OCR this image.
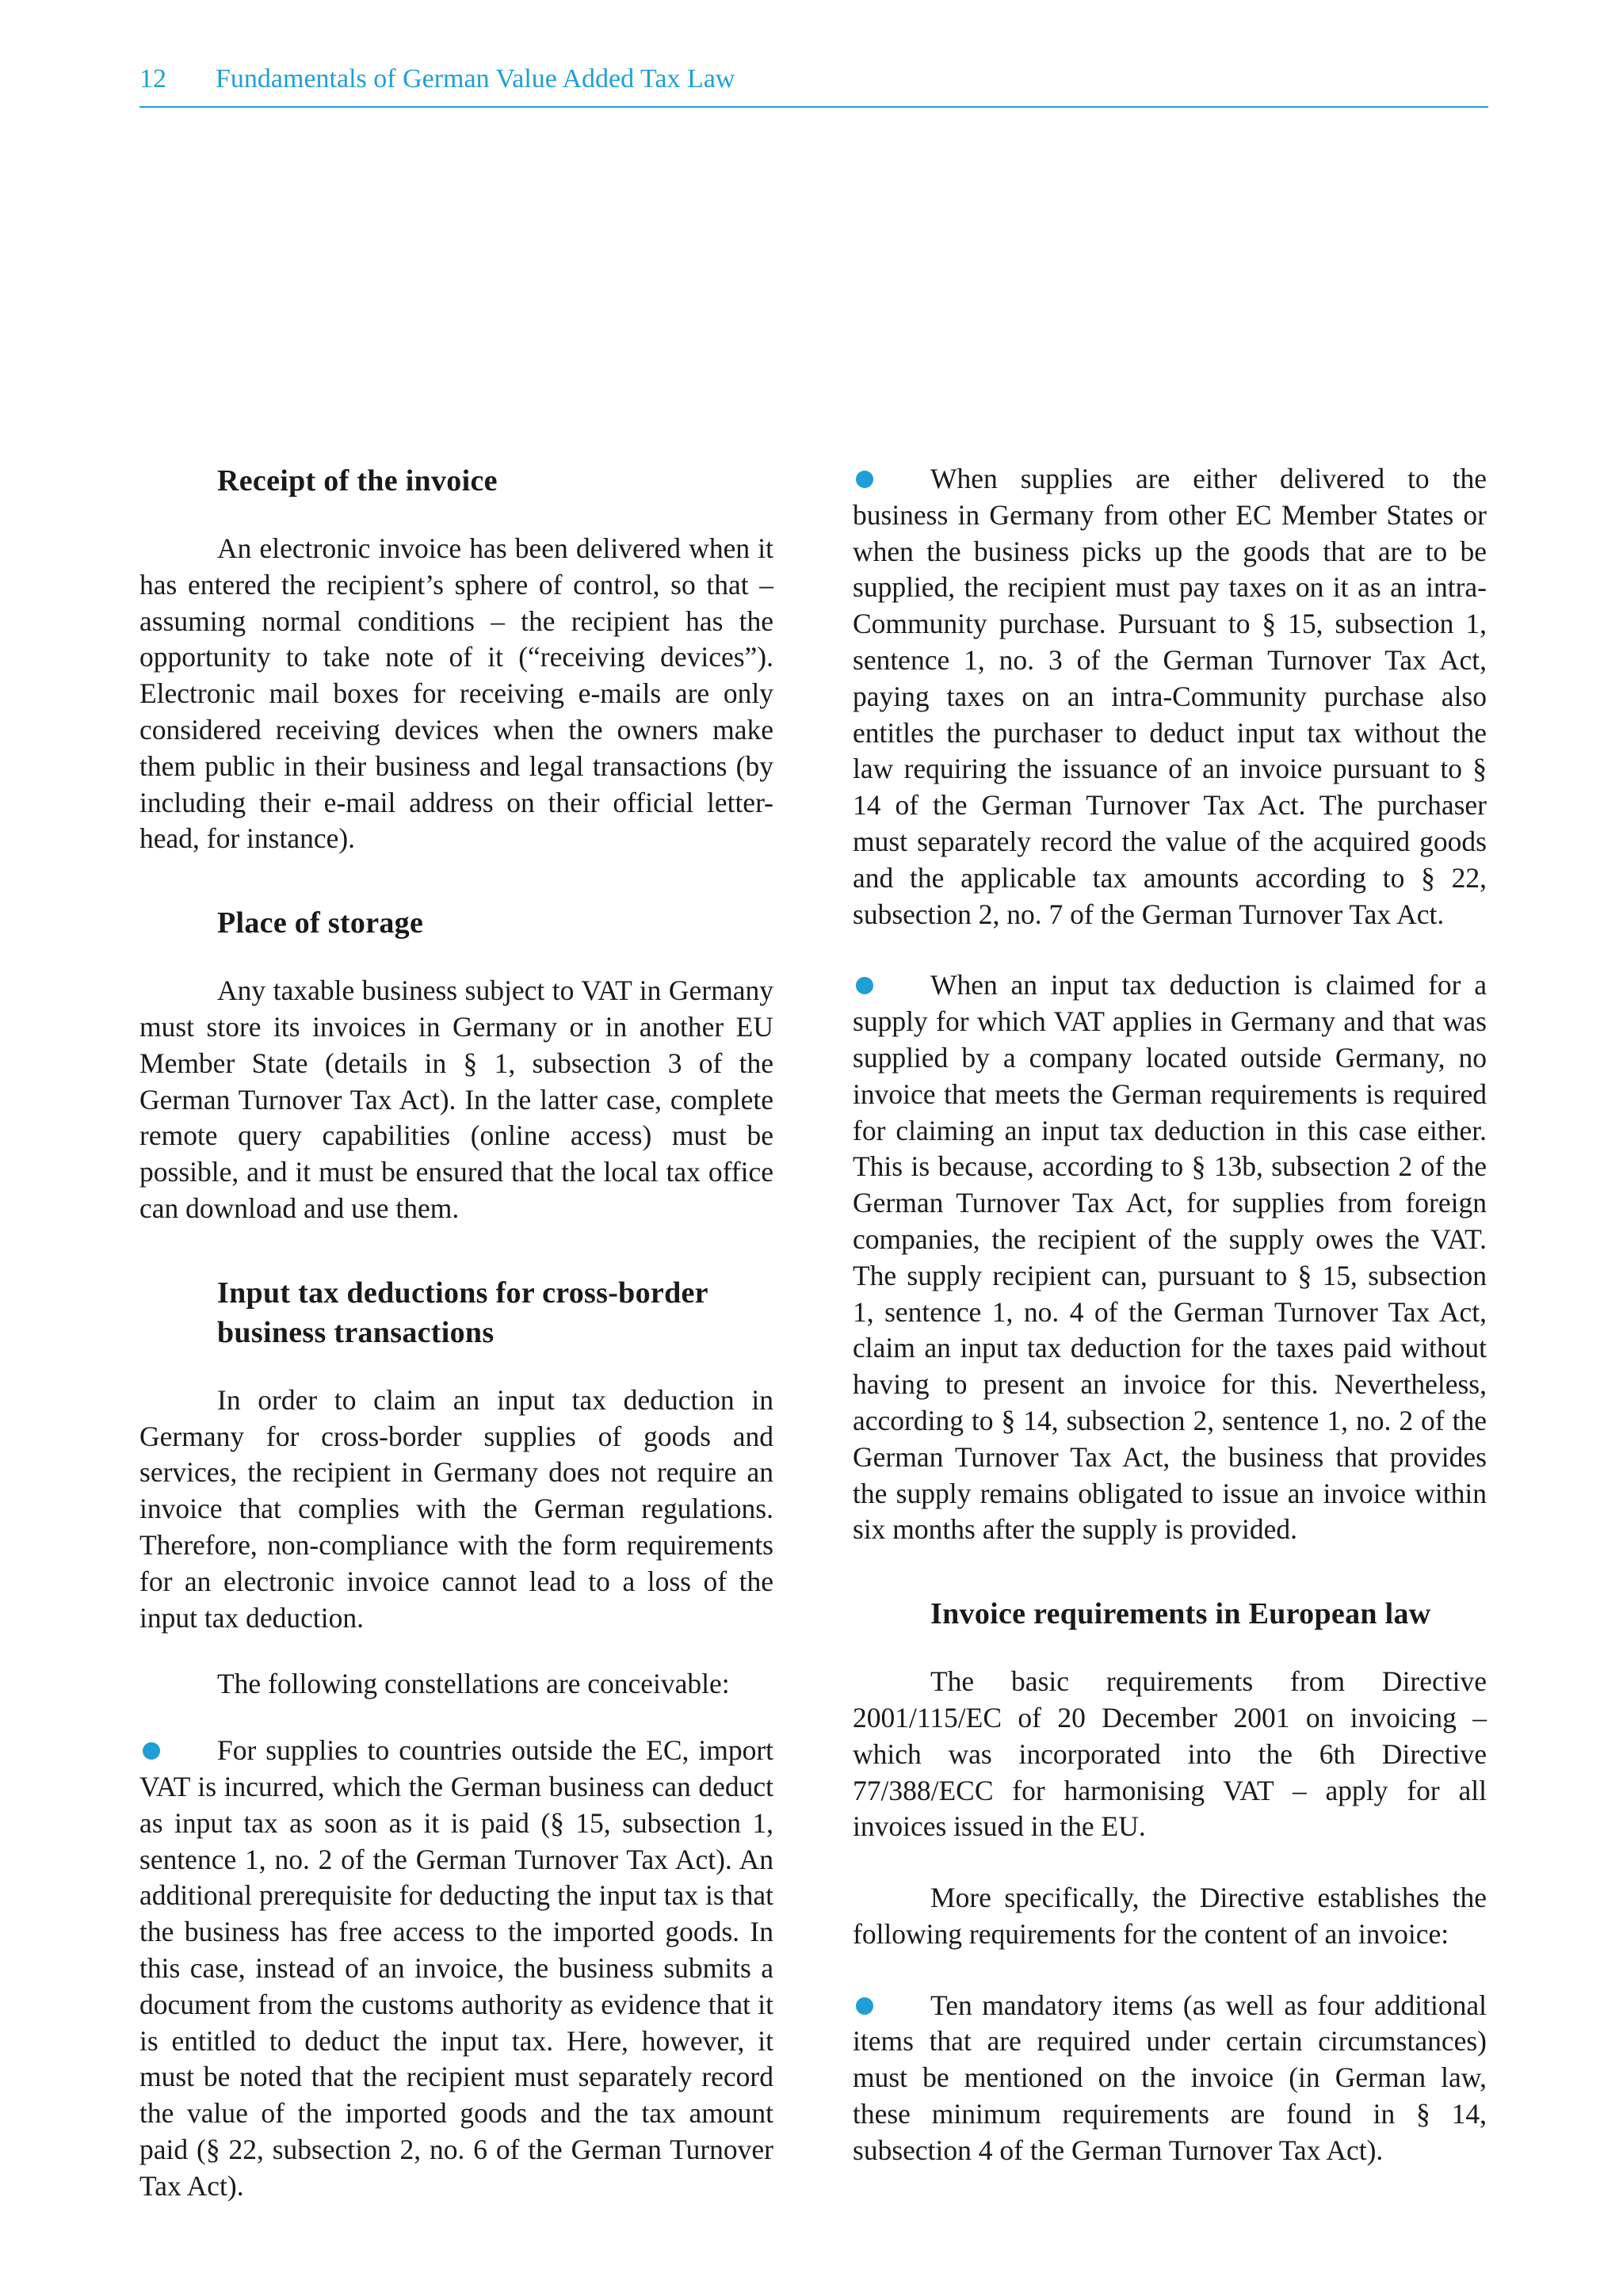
12 Fundamentals of German Value Added Tax Law
Receipt of the invoice

An electronic invoice has been delivered when it has entered the recipient’s sphere of control, so that – assuming normal conditions – the recipient has the opportunity to take note of it (“receiving devices”). Electronic mail boxes for receiving e-mails are only considered receiving devices when the owners make them public in their business and legal transactions (by including their e-mail address on their official letter-head, for instance).

Place of storage

Any taxable business subject to VAT in Germany must store its invoices in Germany or in another EU Member State (details in § 1, subsection 3 of the German Turnover Tax Act). In the latter case, complete remote query capabilities (online access) must be possible, and it must be ensured that the local tax office can download and use them.

Input tax deductions for cross-border business transactions

In order to claim an input tax deduction in Germany for cross-border supplies of goods and services, the recipient in Germany does not require an invoice that complies with the German regulations. Therefore, non-compliance with the form requirements for an electronic invoice cannot lead to a loss of the input tax deduction.

The following constellations are conceivable:

For supplies to countries outside the EC, import VAT is incurred, which the German business can deduct as input tax as soon as it is paid (§ 15, subsection 1, sentence 1, no. 2 of the German Turnover Tax Act). An additional prerequisite for deducting the input tax is that the business has free access to the imported goods. In this case, instead of an invoice, the business submits a document from the customs authority as evidence that it is entitled to deduct the input tax. Here, however, it must be noted that the recipient must separately record the value of the imported goods and the tax amount paid (§ 22, subsection 2, no. 6 of the German Turnover Tax Act).

When supplies are either delivered to the business in Germany from other EC Member States or when the business picks up the goods that are to be supplied, the recipient must pay taxes on it as an intra-Community purchase. Pursuant to § 15, subsection 1, sentence 1, no. 3 of the German Turnover Tax Act, paying taxes on an intra-Community purchase also entitles the purchaser to deduct input tax without the law requiring the issuance of an invoice pursuant to § 14 of the German Turnover Tax Act. The purchaser must separately record the value of the acquired goods and the applicable tax amounts according to § 22, subsection 2, no. 7 of the German Turnover Tax Act.

When an input tax deduction is claimed for a supply for which VAT applies in Germany and that was supplied by a company located outside Germany, no invoice that meets the German requirements is required for claiming an input tax deduction in this case either. This is because, according to § 13b, subsection 2 of the German Turnover Tax Act, for supplies from foreign companies, the recipient of the supply owes the VAT. The supply recipient can, pursuant to § 15, subsection 1, sentence 1, no. 4 of the German Turnover Tax Act, claim an input tax deduction for the taxes paid without having to present an invoice for this. Nevertheless, according to § 14, subsection 2, sentence 1, no. 2 of the German Turnover Tax Act, the business that provides the supply remains obligated to issue an invoice within six months after the supply is provided.

Invoice requirements in European law

The basic requirements from Directive 2001/115/EC of 20 December 2001 on invoicing – which was incorporated into the 6th Directive 77/388/ECC for harmonising VAT – apply for all invoices issued in the EU.

More specifically, the Directive establishes the following requirements for the content of an invoice:

Ten mandatory items (as well as four additional items that are required under certain circumstances) must be mentioned on the invoice (in German law, these minimum requirements are found in § 14, subsection 4 of the German Turnover Tax Act).
